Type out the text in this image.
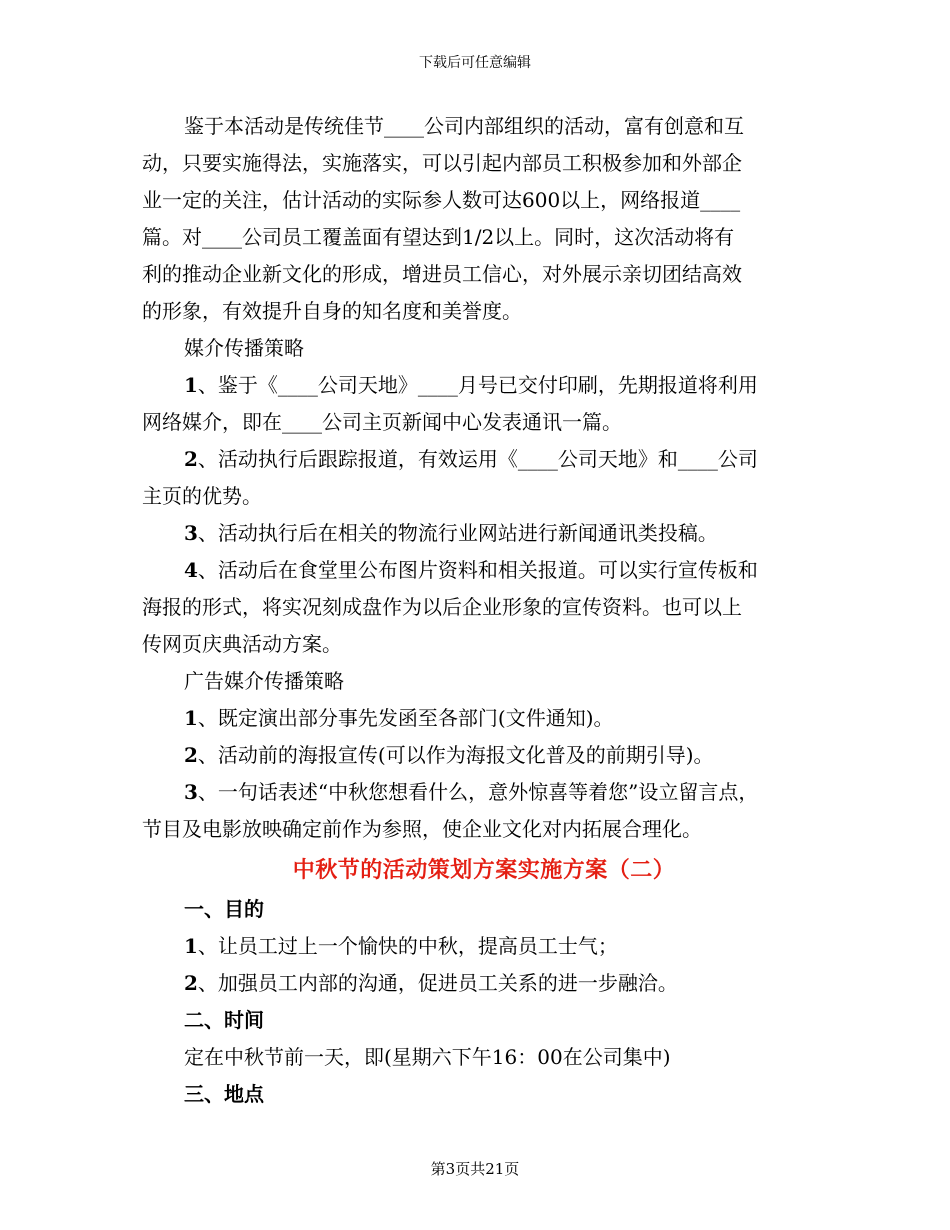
下载后可任意编辑
鉴于本活动是传统佳节____公司内部组织的活动，富有创意和互
动，只要实施得法，实施落实，可以引起内部员工积极参加和外部企
业一定的关注，估计活动的实际参人数可达600以上，网络报道____
篇。对____公司员工覆盖面有望达到1/2以上。同时，这次活动将有
利的推动企业新文化的形成，增进员工信心，对外展示亲切团结高效
的形象，有效提升自身的知名度和美誉度。
媒介传播策略
1、鉴于《____公司天地》____月号已交付印刷，先期报道将利用
网络媒介，即在____公司主页新闻中心发表通讯一篇。
2、活动执行后跟踪报道，有效运用《____公司天地》和____公司
主页的优势。
3、活动执行后在相关的物流行业网站进行新闻通讯类投稿。
4、活动后在食堂里公布图片资料和相关报道。可以实行宣传板和
海报的形式，将实况刻成盘作为以后企业形象的宣传资料。也可以上
传网页庆典活动方案。
广告媒介传播策略
1、既定演出部分事先发函至各部门(文件通知)。
2、活动前的海报宣传(可以作为海报文化普及的前期引导)。
3、一句话表述“中秋您想看什么，意外惊喜等着您”设立留言点，
节目及电影放映确定前作为参照，使企业文化对内拓展合理化。
中秋节的活动策划方案实施方案（二）
一、目的
1、让员工过上一个愉快的中秋，提高员工士气；
2、加强员工内部的沟通，促进员工关系的进一步融洽。
二、时间
定在中秋节前一天，即(星期六下午16：00在公司集中)
三、地点
第3页共21页
